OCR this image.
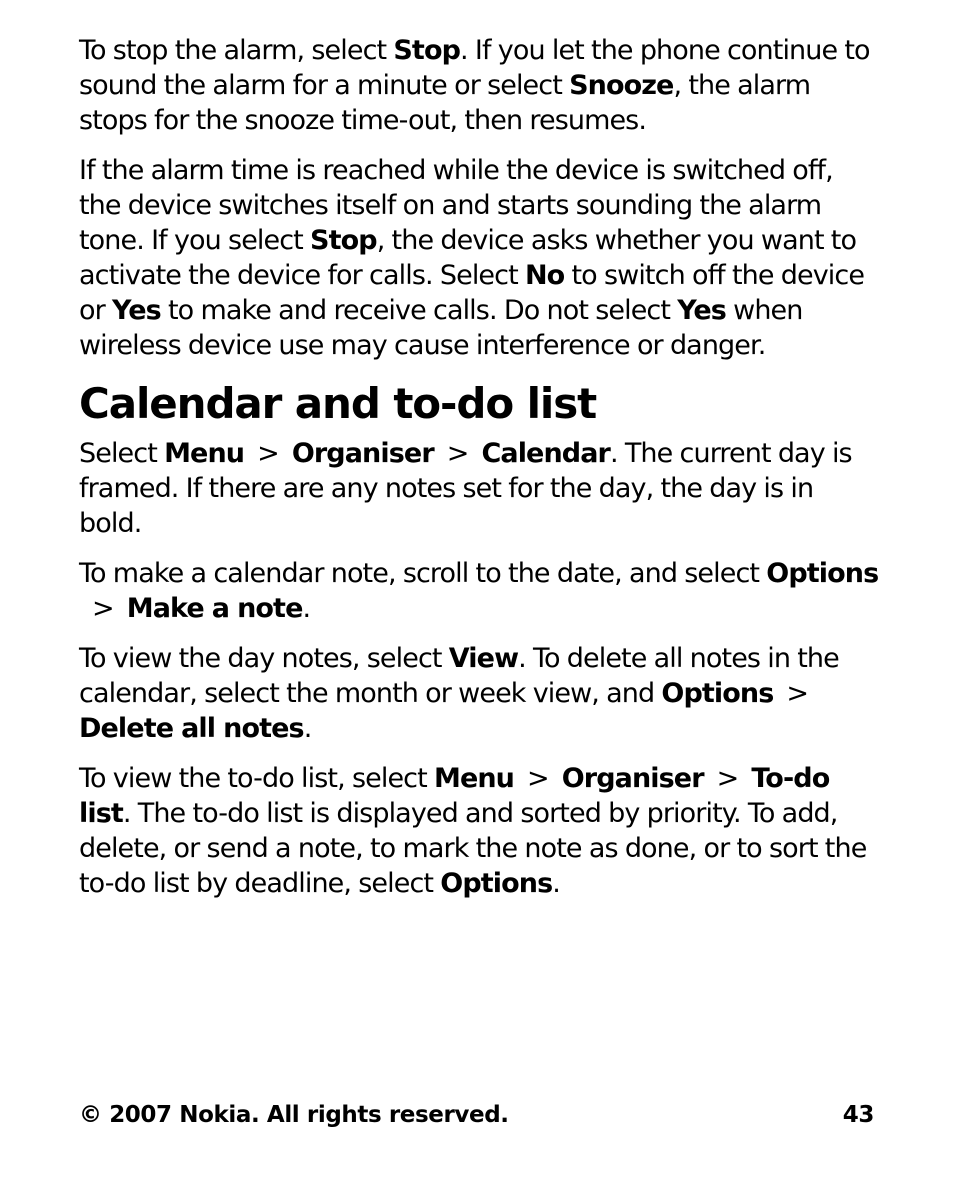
To stop the alarm, select Stop. If you let the phone continue to sound the alarm for a minute or select Snooze, the alarm stops for the snooze time-out, then resumes.

If the alarm time is reached while the device is switched off, the device switches itself on and starts sounding the alarm tone. If you select Stop, the device asks whether you want to activate the device for calls. Select No to switch off the device or Yes to make and receive calls. Do not select Yes when wireless device use may cause interference or danger.

Calendar and to-do list

Select Menu > Organiser > Calendar. The current day is framed. If there are any notes set for the day, the day is in bold.

To make a calendar note, scroll to the date, and select Options> Make a note.

To view the day notes, select View. To delete all notes in the calendar, select the month or week view, and Options >Delete all notes.

To view the to-do list, select Menu > Organiser > To-do list. The to-do list is displayed and sorted by priority. To add, delete, or send a note, to mark the note as done, or to sort the to-do list by deadline, select Options.

© 2007 Nokia. All rights reserved.	43
